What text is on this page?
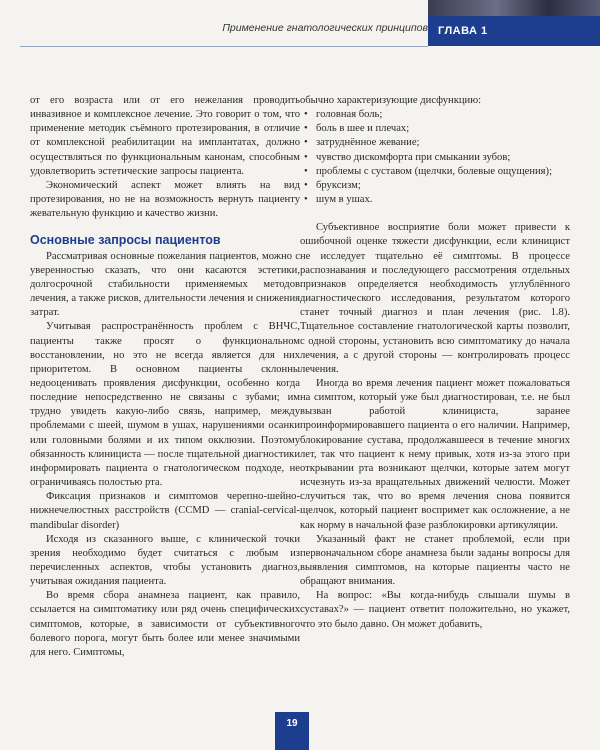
Применение гнатологических принципов ГЛАВА 1

от его возраста или от его нежелания проводить инвазивное и комплексное лечение. Это говорит о том, что применение методик съёмного протезирования, в отличие от комплексной реабилитации на имплантатах, должно осуществляться по функциональным канонам, способным удовлетворить эстетические запросы пациента.

Экономический аспект может влиять на вид протезирования, но не на возможность вернуть пациенту жевательную функцию и качество жизни.

Основные запросы пациентов

Рассматривая основные пожелания пациентов, можно с уверенностью сказать, что они касаются эстетики, долгосрочной стабильности применяемых методов лечения, а также рисков, длительности лечения и снижения затрат.

Учитывая распространённость проблем с ВНЧС, пациенты также просят о функциональном восстановлении, но это не всегда является для них приоритетом. В основном пациенты склонны недооценивать проявления дисфункции, особенно когда последние непосредственно не связаны с зубами; им трудно увидеть какую-либо связь, например, между проблемами с шеей, шумом в ушах, нарушениями осанки или головными болями и их типом окклюзии. Поэтому обязанность клинициста — после тщательной диагностики информировать пациента о гнатологическом подходе, не ограничиваясь полостью рта.

Фиксация признаков и симптомов черепно-шейно-нижнечелюстных расстройств (CCMD — cranial-cervical-mandibular disorder)

Исходя из сказанного выше, с клинической точки зрения необходимо будет считаться с любым из перечисленных аспектов, чтобы установить диагноз, учитывая ожидания пациента.

Во время сбора анамнеза пациент, как правило, ссылается на симптоматику или ряд очень специфических симптомов, которые, в зависимости от субъективного болевого порога, могут быть более или менее значимыми для него. Симптомы,

обычно характеризующие дисфункцию:

• головная боль;
• боль в шее и плечах;
• затруднённое жевание;
• чувство дискомфорта при смыкании зубов;
• проблемы с суставом (щелчки, болевые ощущения);
• бруксизм;
• шум в ушах.

Субъективное восприятие боли может привести к ошибочной оценке тяжести дисфункции, если клиницист не исследует тщательно её симптомы. В процессе распознавания и последующего рассмотрения отдельных признаков определяется необходимость углублённого диагностического исследования, результатом которого станет точный диагноз и план лечения (рис. 1.8). Тщательное составление гнатологической карты позволит, с одной стороны, установить всю симптоматику до начала лечения, а с другой стороны — контролировать процесс лечения.

Иногда во время лечения пациент может пожаловаться на симптом, который уже был диагностирован, т.е. не был вызван работой клинициста, заранее проинформировавшего пациента о его наличии. Например, блокирование сустава, продолжавшееся в течение многих лет, так что пациент к нему привык, хотя из-за этого при открывании рта возникают щелчки, которые затем могут исчезнуть из-за вращательных движений челюсти. Может случиться так, что во время лечения снова появится щелчок, который пациент воспримет как осложнение, а не как норму в начальной фазе разблокировки артикуляции.

Указанный факт не станет проблемой, если при первоначальном сборе анамнеза были заданы вопросы для выявления симптомов, на которые пациенты часто не обращают внимания.

На вопрос: «Вы когда-нибудь слышали шумы в суставах?» — пациент ответит положительно, но укажет, что это было давно. Он может добавить,

19
